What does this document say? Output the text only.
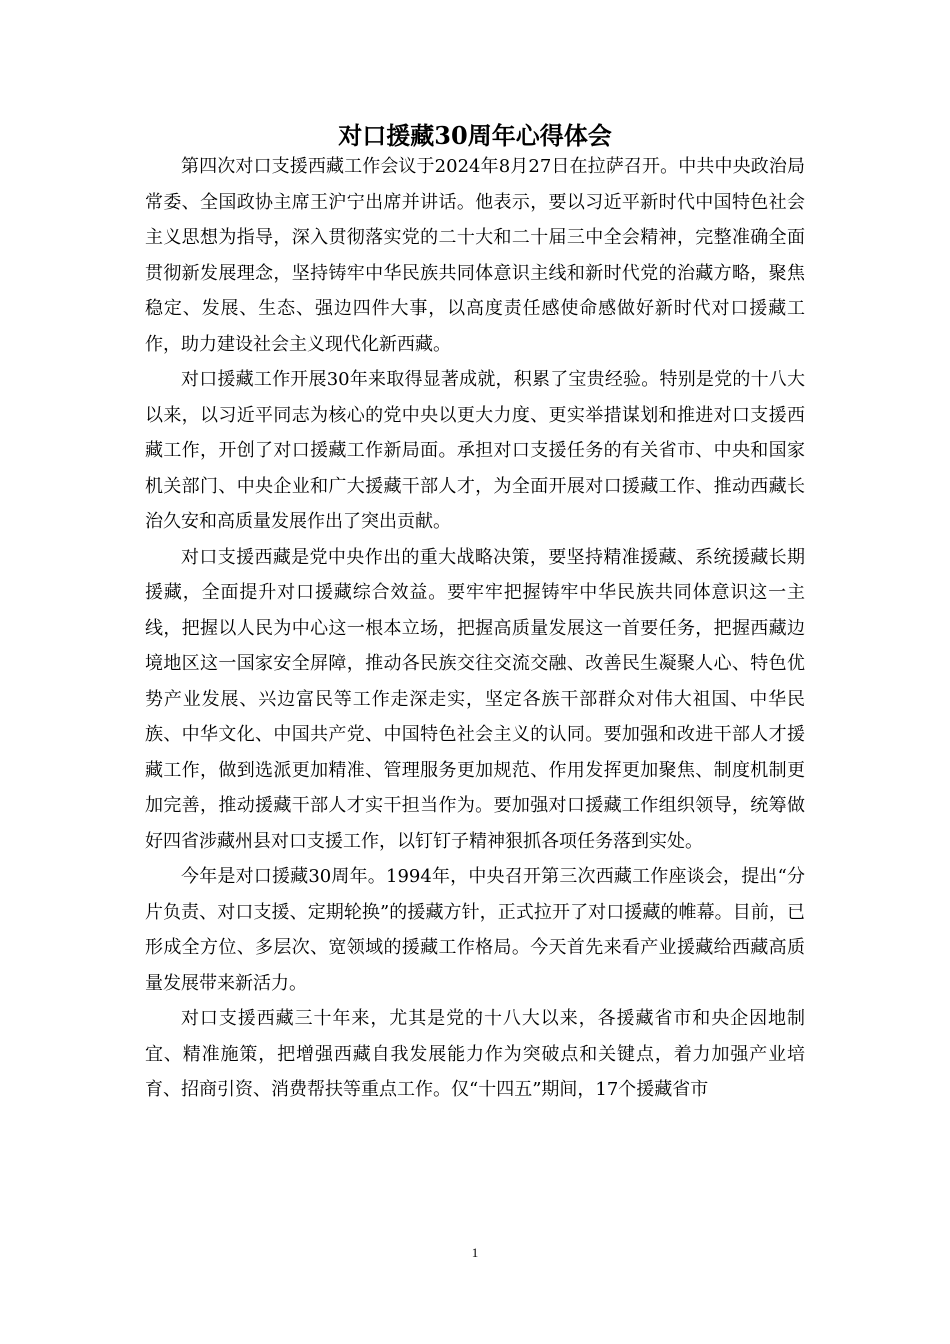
对口援藏30周年心得体会

第四次对口支援西藏工作会议于2024年8月27日在拉萨召开。中共中央政治局常委、全国政协主席王沪宁出席并讲话。他表示，要以习近平新时代中国特色社会主义思想为指导，深入贯彻落实党的二十大和二十届三中全会精神，完整准确全面贯彻新发展理念，坚持铸牢中华民族共同体意识主线和新时代党的治藏方略，聚焦稳定、发展、生态、强边四件大事，以高度责任感使命感做好新时代对口援藏工作，助力建设社会主义现代化新西藏。

对口援藏工作开展30年来取得显著成就，积累了宝贵经验。特别是党的十八大以来，以习近平同志为核心的党中央以更大力度、更实举措谋划和推进对口支援西藏工作，开创了对口援藏工作新局面。承担对口支援任务的有关省市、中央和国家机关部门、中央企业和广大援藏干部人才，为全面开展对口援藏工作、推动西藏长治久安和高质量发展作出了突出贡献。

对口支援西藏是党中央作出的重大战略决策，要坚持精准援藏、系统援藏长期援藏，全面提升对口援藏综合效益。要牢牢把握铸牢中华民族共同体意识这一主线，把握以人民为中心这一根本立场，把握高质量发展这一首要任务，把握西藏边境地区这一国家安全屏障，推动各民族交往交流交融、改善民生凝聚人心、特色优势产业发展、兴边富民等工作走深走实，坚定各族干部群众对伟大祖国、中华民族、中华文化、中国共产党、中国特色社会主义的认同。要加强和改进干部人才援藏工作，做到选派更加精准、管理服务更加规范、作用发挥更加聚焦、制度机制更加完善，推动援藏干部人才实干担当作为。要加强对口援藏工作组织领导，统筹做好四省涉藏州县对口支援工作，以钉钉子精神狠抓各项任务落到实处。

今年是对口援藏30周年。1994年，中央召开第三次西藏工作座谈会，提出“分片负责、对口支援、定期轮换”的援藏方针，正式拉开了对口援藏的帷幕。目前，已形成全方位、多层次、宽领域的援藏工作格局。今天首先来看产业援藏给西藏高质量发展带来新活力。

对口支援西藏三十年来，尤其是党的十八大以来，各援藏省市和央企因地制宜、精准施策，把增强西藏自我发展能力作为突破点和关键点，着力加强产业培育、招商引资、消费帮扶等重点工作。仅“十四五”期间，17个援藏省市

1
